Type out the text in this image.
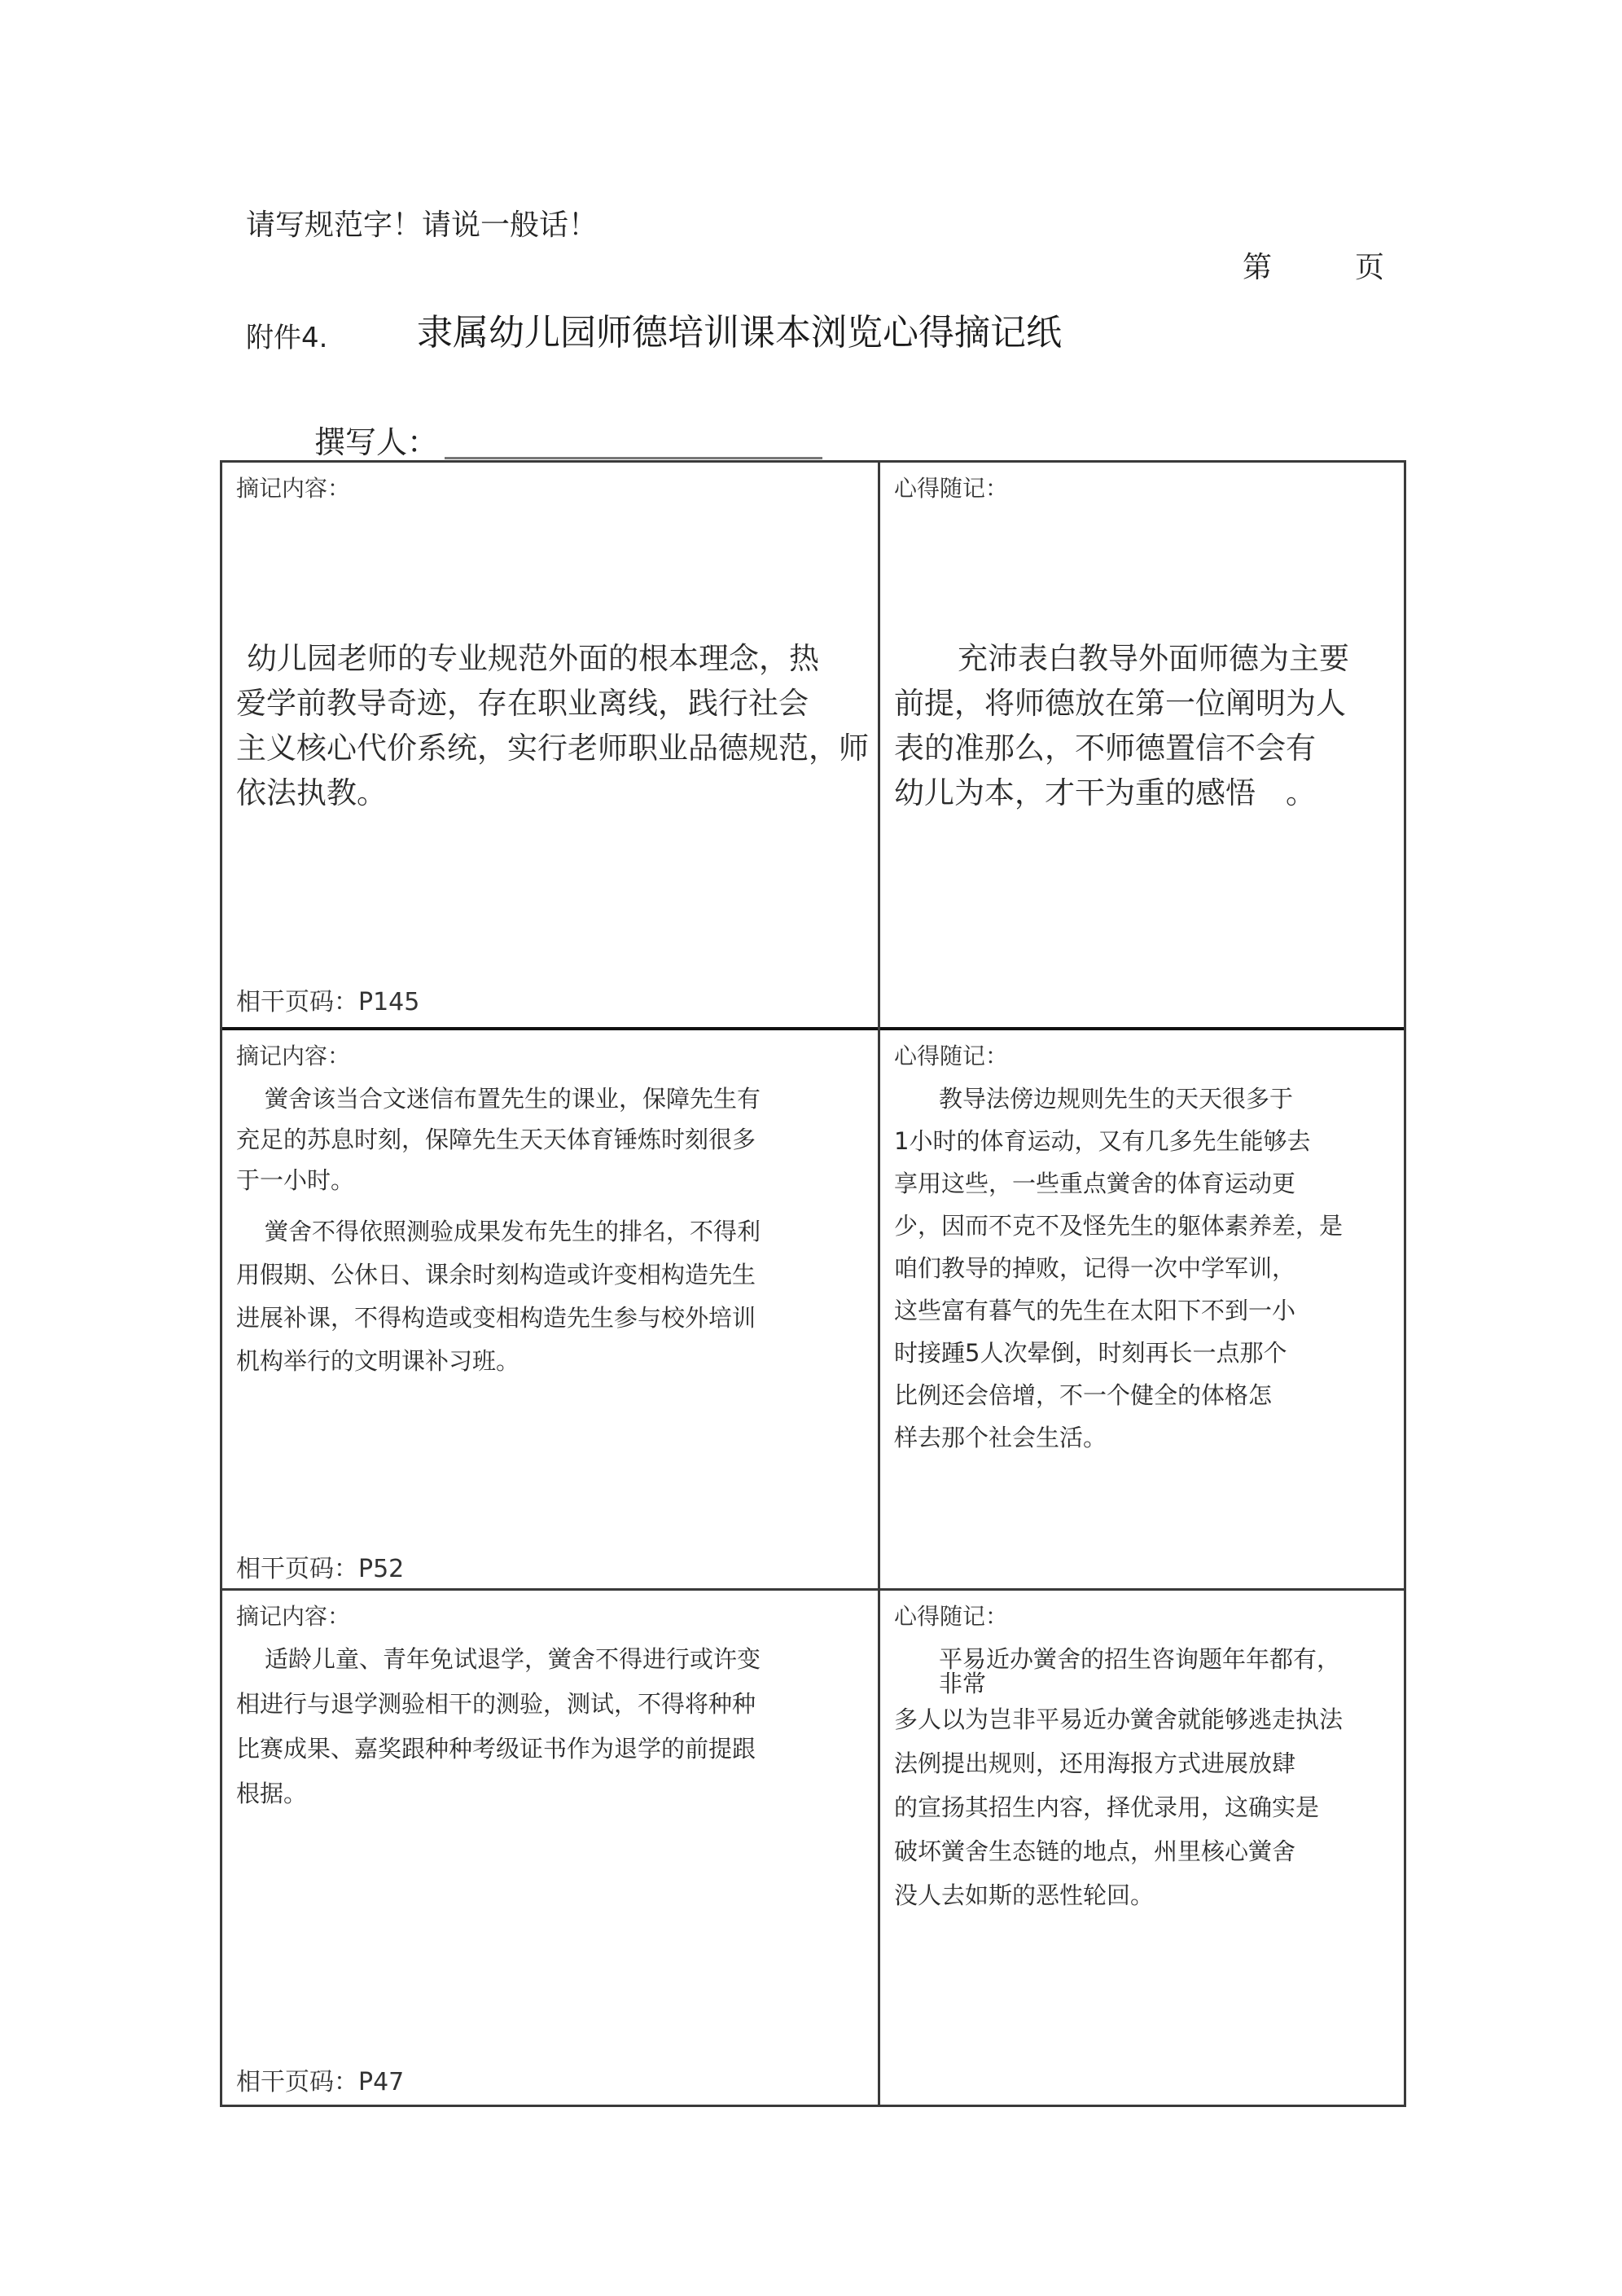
请写规范字！请说一般话！
第	页
附件4. 隶属幼儿园师德培训课本浏览心得摘记纸
撰写人：
摘记内容：
幼儿园老师的专业规范外面的根本理念，热
爱学前教导奇迹，存在职业离线，践行社会
主义核心代价系统，实行老师职业品德规范，师
依法执教。
相干页码：P145
心得随记：
充沛表白教导外面师德为主要
前提，将师德放在第一位阐明为人
表的准那么，不师德置信不会有
幼儿为本，才干为重的感悟　。
摘记内容：
黉舍该当合文迷信布置先生的课业，保障先生有
充足的苏息时刻，保障先生天天体育锤炼时刻很多
于一小时。
黉舍不得依照测验成果发布先生的排名，不得利
用假期、公休日、课余时刻构造或许变相构造先生
进展补课，不得构造或变相构造先生参与校外培训
机构举行的文明课补习班。
相干页码：P52
心得随记：
教导法傍边规则先生的天天很多于
1小时的体育运动，又有几多先生能够去
享用这些，一些重点黉舍的体育运动更
少，因而不克不及怪先生的躯体素养差，是
咱们教导的掉败，记得一次中学军训，
这些富有暮气的先生在太阳下不到一小
时接踵5人次晕倒，时刻再长一点那个
比例还会倍增，不一个健全的体格怎
样去那个社会生活。
摘记内容：
适龄儿童、青年免试退学，黉舍不得进行或许变
相进行与退学测验相干的测验，测试，不得将种种
比赛成果、嘉奖跟种种考级证书作为退学的前提跟
根据。
相干页码：P47
心得随记：
平易近办黉舍的招生咨询题年年都有，
非常
多人以为岂非平易近办黉舍就能够逃走执法
法例提出规则，还用海报方式进展放肆
的宣扬其招生内容，择优录用，这确实是
破坏黉舍生态链的地点，州里核心黉舍
没人去如斯的恶性轮回。
